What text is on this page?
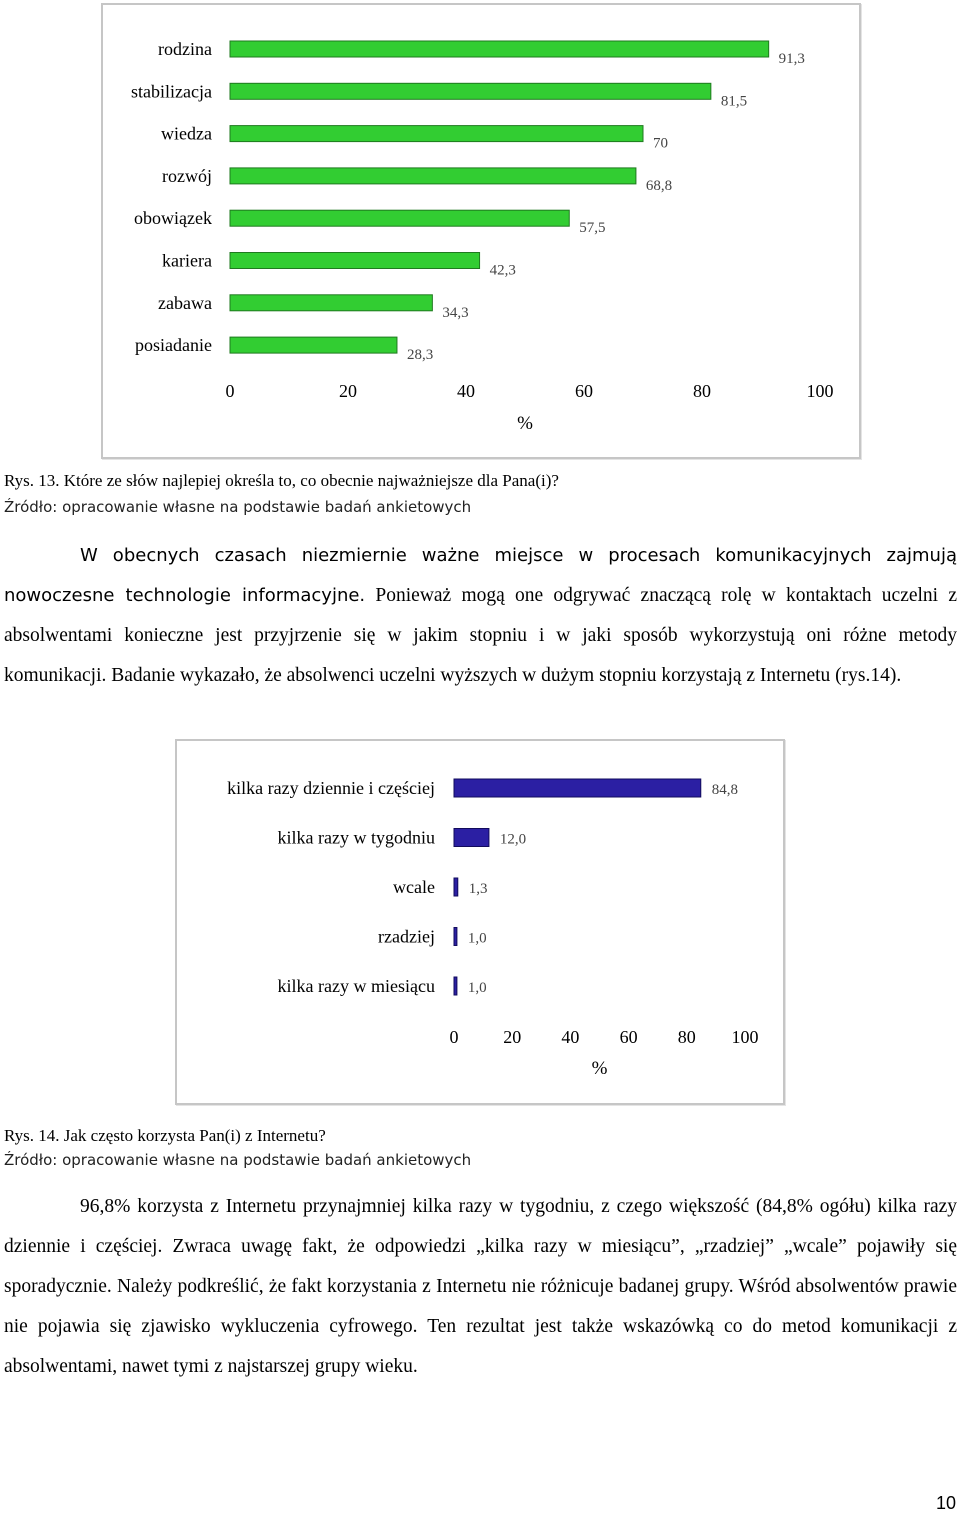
rodzina	91,3
stabilizacja	81,5
wiedza	70
rozwój	68,8
obowiązek	57,5
kariera	42,3
zabawa	34,3
posiadanie	28,3
0	20	40	60	80	100
%

Rys. 13. Które ze słów najlepiej określa to, co obecnie najważniejsze dla Pana(i)?

Źródło: opracowanie własne na podstawie badań ankietowych

W obecnych czasach niezmiernie ważne miejsce w procesach komunikacyjnych zajmują nowoczesne technologie informacyjne. Ponieważ mogą one odgrywać znaczącą rolę w kontaktach uczelni z absolwentami konieczne jest przyjrzenie się w jakim stopniu i w jaki sposób wykorzystują oni różne metody komunikacji. Badanie wykazało, że absolwenci uczelni wyższych w dużym stopniu korzystają z Internetu (rys.14).

kilka razy dziennie i częściej	84,8
kilka razy w tygodniu	12,0
wcale 1,3
rzadziej 1,0
kilka razy w miesiącu 1,0
0 20 40 60 80 100
%

Rys. 14. Jak często korzysta Pan(i) z Internetu?

Źródło: opracowanie własne na podstawie badań ankietowych

96,8% korzysta z Internetu przynajmniej kilka razy w tygodniu, z czego większość (84,8% ogółu) kilka razy dziennie i częściej. Zwraca uwagę fakt, że odpowiedzi „kilka razy w miesiącu”, „rzadziej” „wcale” pojawiły się sporadycznie. Należy podkreślić, że fakt korzystania z Internetu nie różnicuje badanej grupy. Wśród absolwentów prawie nie pojawia się zjawisko wykluczenia cyfrowego. Ten rezultat jest także wskazówką co do metod komunikacji z absolwentami, nawet tymi z najstarszej grupy wieku.

10
